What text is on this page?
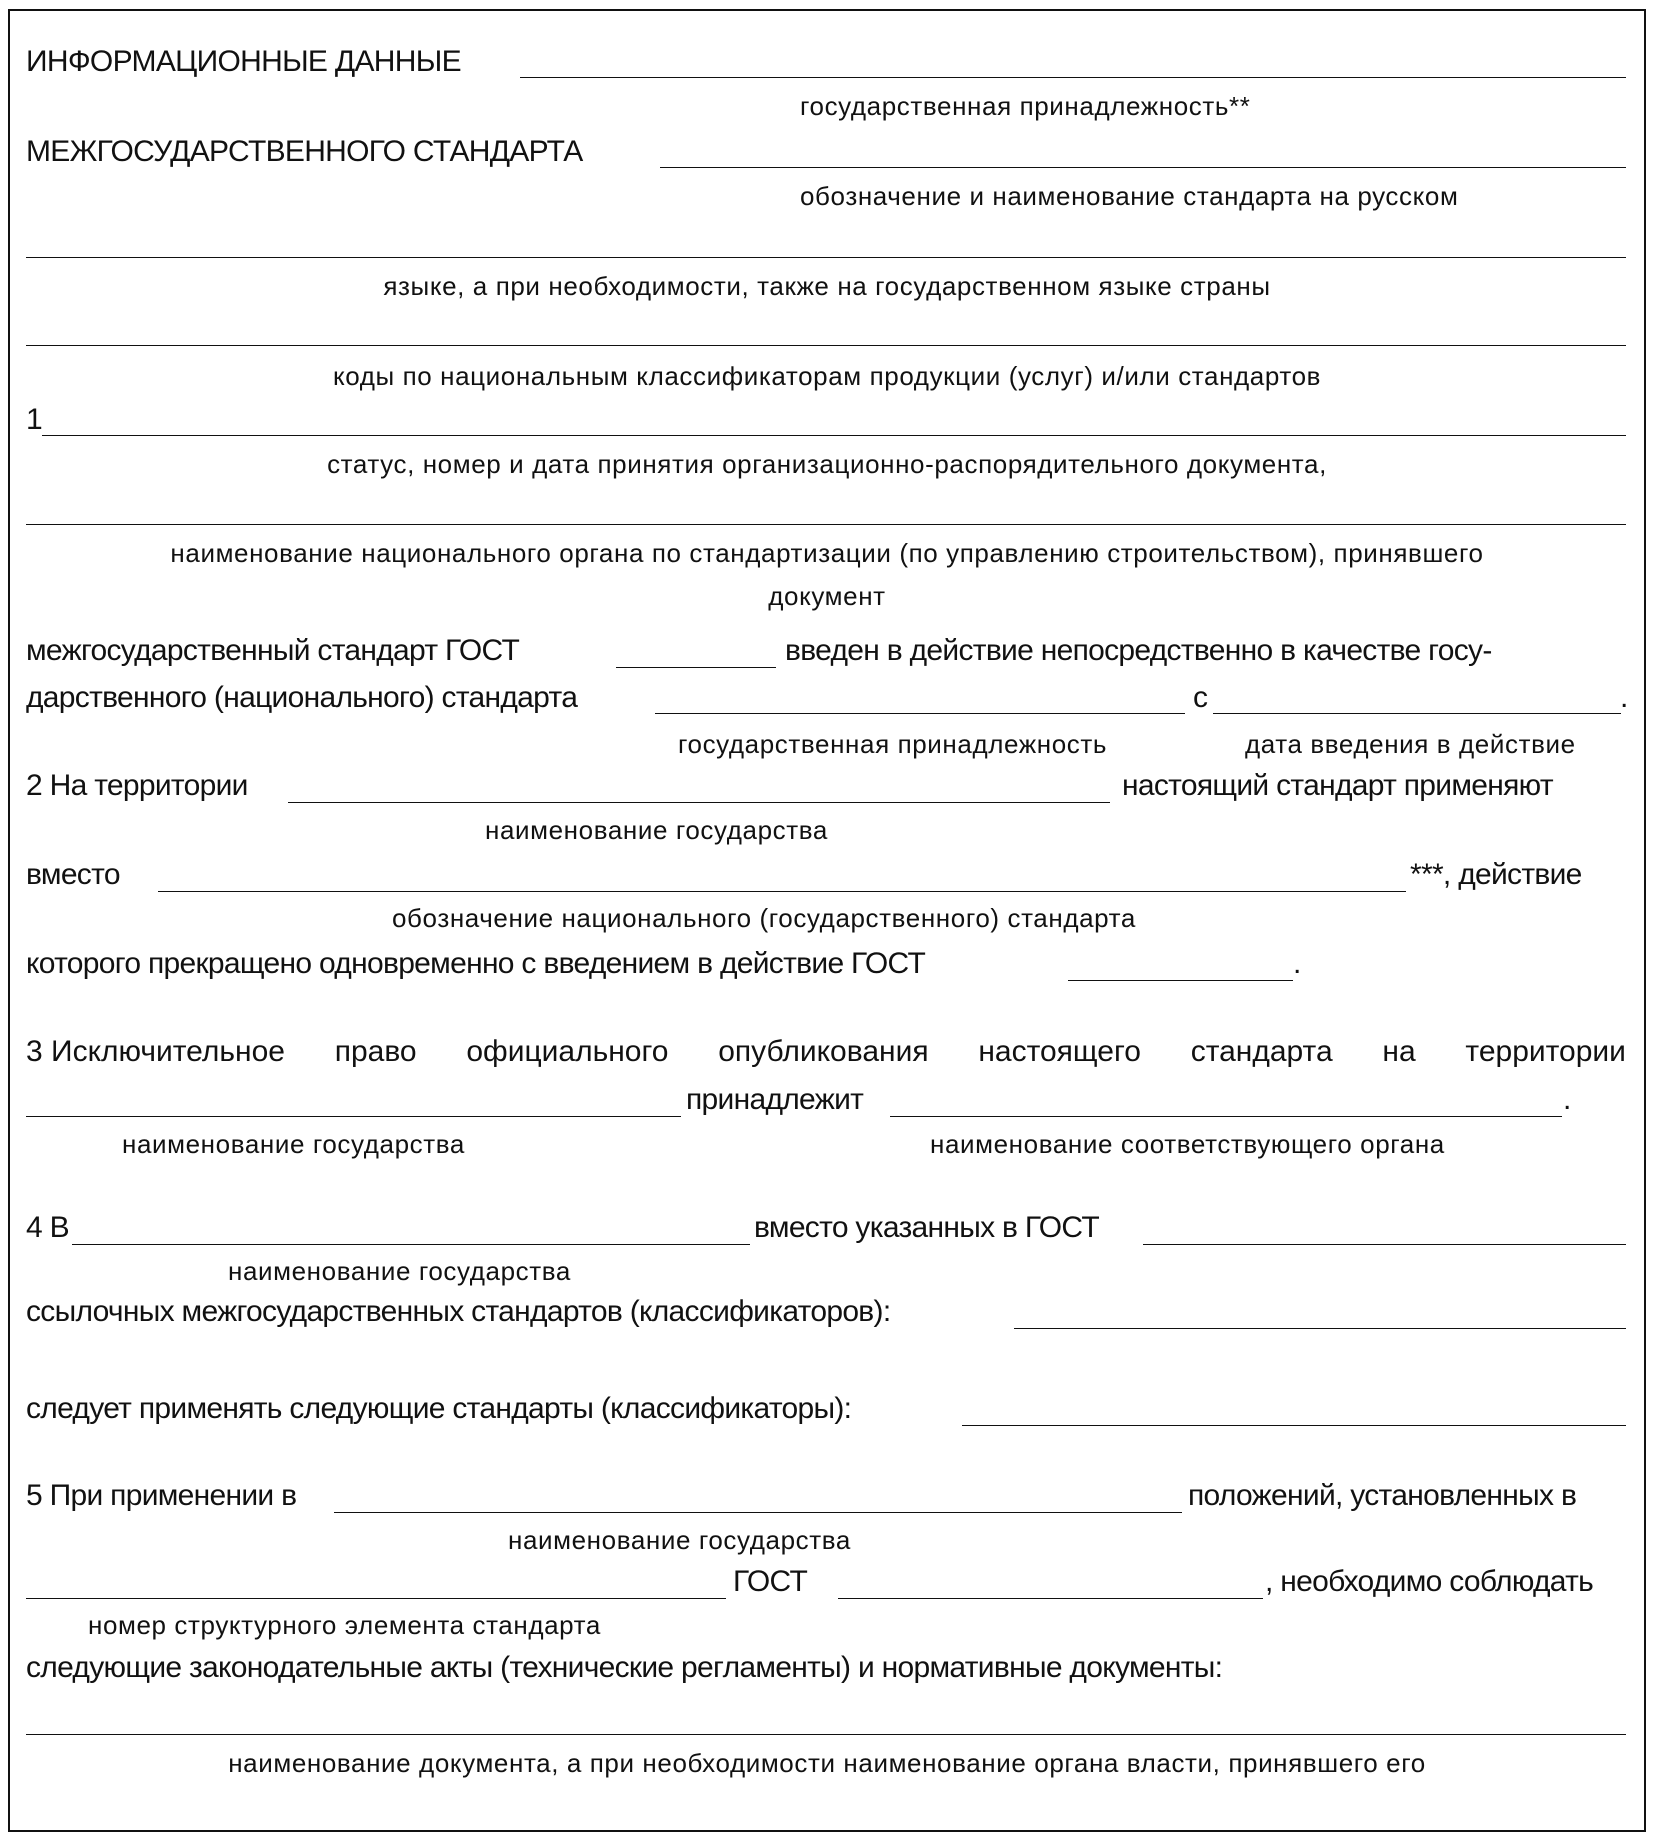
ИНФОРМАЦИОННЫЕ ДАННЫЕ
государственная принадлежность**
МЕЖГОСУДАРСТВЕННОГО СТАНДАРТА
обозначение и наименование стандарта на русском
языке, а при необходимости, также на государственном языке страны
коды по национальным классификаторам продукции (услуг) и/или стандартов
1
статус, номер и дата принятия организационно-распорядительного документа,
наименование национального органа по стандартизации (по управлению строительством), принявшего
документ
межгосударственный стандарт ГОСТ	введен в действие непосредственно в качестве госу-
дарственного (национального) стандарта	с	.
государственная принадлежность	дата введения в действие
2 На территории	настоящий стандарт применяют
наименование государства
вместо	***, действие
обозначение национального (государственного) стандарта
которого прекращено одновременно с введением в действие ГОСТ	.
3 Исключительное право официального опубликования настоящего стандарта на территории
принадлежит	.
наименование государства	наименование соответствующего органа
4 В	вместо указанных в ГОСТ
наименование государства
ссылочных межгосударственных стандартов (классификаторов):
следует применять следующие стандарты (классификаторы):
5 При применении в	положений, установленных в
наименование государства
ГОСТ	, необходимо соблюдать
номер структурного элемента стандарта
следующие законодательные акты (технические регламенты) и нормативные документы:
наименование документа, а при необходимости наименование органа власти, принявшего его
